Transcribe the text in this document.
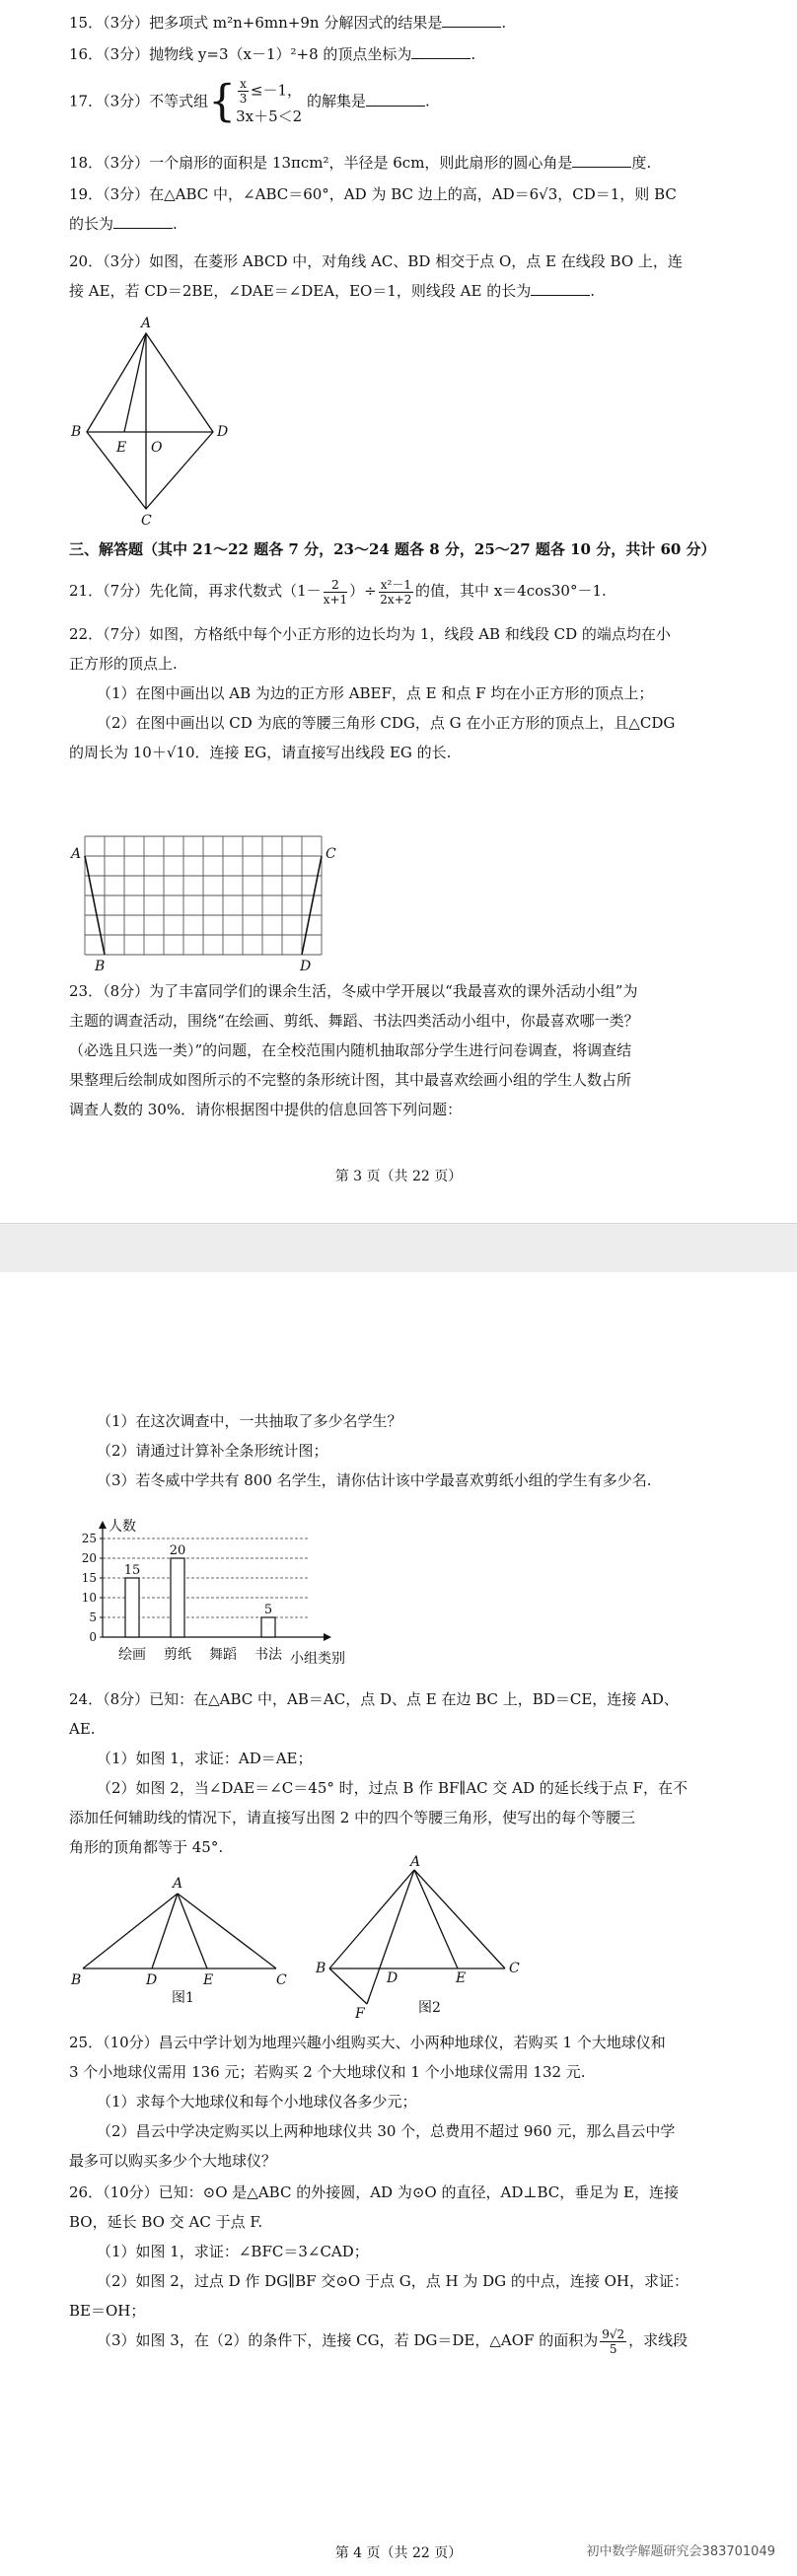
15．（3分）把多项式 m²n+6mn+9n 分解因式的结果是	.
16．（3分）抛物线 y=3（x－1）²+8 的顶点坐标为	.
17．（3分）不等式组{ $\frac{x}{3} \le-1$，
3x＋5＜2
的解集是	.
18．（3分）一个扇形的面积是 13πcm²，半径是 6cm，则此扇形的圆心角是	度.

19．（3分）在△ABC 中，∠ABC＝60°，AD 为 BC 边上的高，AD＝6√3，CD＝1，则 BC

的长为	.

20．（3分）如图，在菱形 ABCD 中，对角线 AC、BD 相交于点 O，点 E 在线段 BO 上，连

接 AE，若 CD＝2BE，∠DAE＝∠DEA，EO＝1，则线段 AE 的长为	.

A
B
C
D
E O
三、解答题（其中 21～22 题各 7 分，23～24 题各 8 分，25～27 题各 10 分，共计 60 分）
21．（7分）先化简，再求代数式（$1- \frac{2}{x+1}$ ）÷ $\frac{\text{x²－1}}{2x+2}$ 的值，其中 x＝4cos30°－1.

22．（7分）如图，方格纸中每个小正方形的边长均为 1，线段 AB 和线段 CD 的端点均在小

正方形的顶点上.

（1）在图中画出以 AB 为边的正方形 ABEF，点 E 和点 F 均在小正方形的顶点上；

（2）在图中画出以 CD 为底的等腰三角形 CDG，点 G 在小正方形的顶点上，且△CDG

的周长为 10＋√10．连接 EG，请直接写出线段 EG 的长.

A
B
C
D

23．（8分）为了丰富同学们的课余生活，冬威中学开展以“我最喜欢的课外活动小组”为

主题的调查活动，围绕“在绘画、剪纸、舞蹈、书法四类活动小组中，你最喜欢哪一类？

（必选且只选一类）”的问题，在全校范围内随机抽取部分学生进行问卷调查，将调查结

果整理后绘制成如图所示的不完整的条形统计图，其中最喜欢绘画小组的学生人数占所

调查人数的 30%．请你根据图中提供的信息回答下列问题：

第 3 页（共 22 页）

（1）在这次调查中，一共抽取了多少名学生？

（2）请通过计算补全条形统计图；

（3）若冬威中学共有 800 名学生，请你估计该中学最喜欢剪纸小组的学生有多少名.

0
5
10
15
20
25
人数
小组类别
15
绘画
20
剪纸 舞蹈
5
书法

24．（8分）已知：在△ABC 中，AB＝AC，点 D、点 E 在边 BC 上，BD＝CE，连接 AD、

AE.

（1）如图 1，求证：AD＝AE；

（2）如图 2，当∠DAE＝∠C＝45° 时，过点 B 作 BF∥AC 交 AD 的延长线于点 F，在不

添加任何辅助线的情况下，请直接写出图 2 中的四个等腰三角形，使写出的每个等腰三

角形的顶角都等于 45°.

A
B	D	E	C
图1
A
B
D	E
C
F	图2

25．（10分）昌云中学计划为地理兴趣小组购买大、小两种地球仪，若购买 1 个大地球仪和

3 个小地球仪需用 136 元；若购买 2 个大地球仪和 1 个小地球仪需用 132 元.

（1）求每个大地球仪和每个小地球仪各多少元；

（2）昌云中学决定购买以上两种地球仪共 30 个，总费用不超过 960 元，那么昌云中学

最多可以购买多少个大地球仪？

26．（10分）已知：⊙O 是△ABC 的外接圆，AD 为⊙O 的直径，AD⊥BC，垂足为 E，连接

BO，延长 BO 交 AC 于点 F.

（1）如图 1，求证：∠BFC＝3∠CAD；

（2）如图 2，过点 D 作 DG∥BF 交⊙O 于点 G，点 H 为 DG 的中点，连接 OH，求证：

BE＝OH；

（3）如图 3，在（2）的条件下，连接 CG，若 DG＝DE，△AOF 的面积为 $\frac{9√2}{5}$ ，求线段

第 4 页（共 22 页）	初中数学解题研究会383701049
